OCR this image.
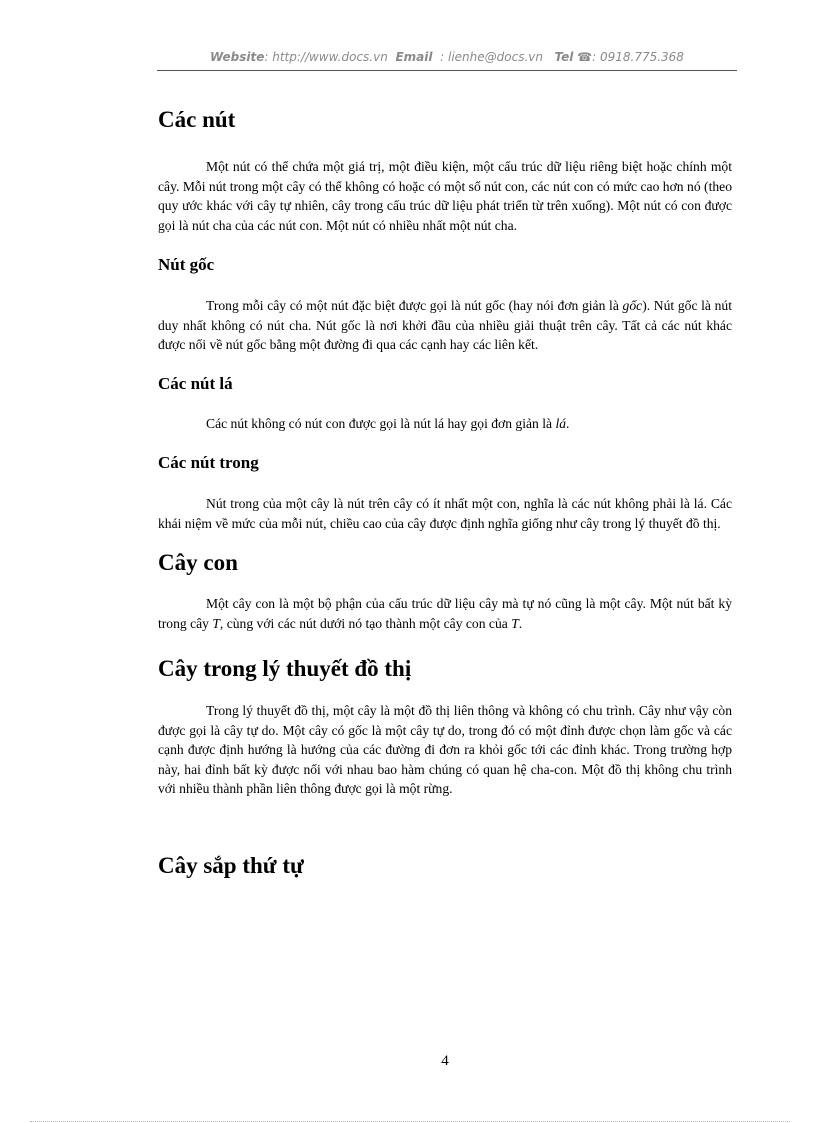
Website: http://www.docs.vn Email : lienhe@docs.vn Tel ☎: 0918.775.368
Các nút

Một nút có thể chứa một giá trị, một điều kiện, một cấu trúc dữ liệu riêng biệt hoặc chính một cây. Mỗi nút trong một cây có thể không có hoặc có một số nút con, các nút con có mức cao hơn nó (theo quy ước khác với cây tự nhiên, cây trong cấu trúc dữ liệu phát triển từ trên xuống). Một nút có con được gọi là nút cha của các nút con. Một nút có nhiều nhất một nút cha.

Nút gốc

Trong mỗi cây có một nút đặc biệt được gọi là nút gốc (hay nói đơn giản là gốc). Nút gốc là nút duy nhất không có nút cha. Nút gốc là nơi khởi đầu của nhiều giải thuật trên cây. Tất cả các nút khác được nối về nút gốc bằng một đường đi qua các cạnh hay các liên kết.

Các nút lá

Các nút không có nút con được gọi là nút lá hay gọi đơn giản là lá.

Các nút trong

Nút trong của một cây là nút trên cây có ít nhất một con, nghĩa là các nút không phải là lá. Các khái niệm về mức của mỗi nút, chiều cao của cây được định nghĩa giống như cây trong lý thuyết đồ thị.

Cây con

Một cây con là một bộ phận của cấu trúc dữ liệu cây mà tự nó cũng là một cây. Một nút bất kỳ trong cây T, cùng với các nút dưới nó tạo thành một cây con của T.

Cây trong lý thuyết đồ thị

Trong lý thuyết đồ thị, một cây là một đồ thị liên thông và không có chu trình. Cây như vậy còn được gọi là cây tự do. Một cây có gốc là một cây tự do, trong đó có một đỉnh được chọn làm gốc và các cạnh được định hướng là hướng của các đường đi đơn ra khỏi gốc tới các đỉnh khác. Trong trường hợp này, hai đỉnh bất kỳ được nối với nhau bao hàm chúng có quan hệ cha-con. Một đồ thị không chu trình với nhiều thành phần liên thông được gọi là một rừng.

Cây sắp thứ tự
4
